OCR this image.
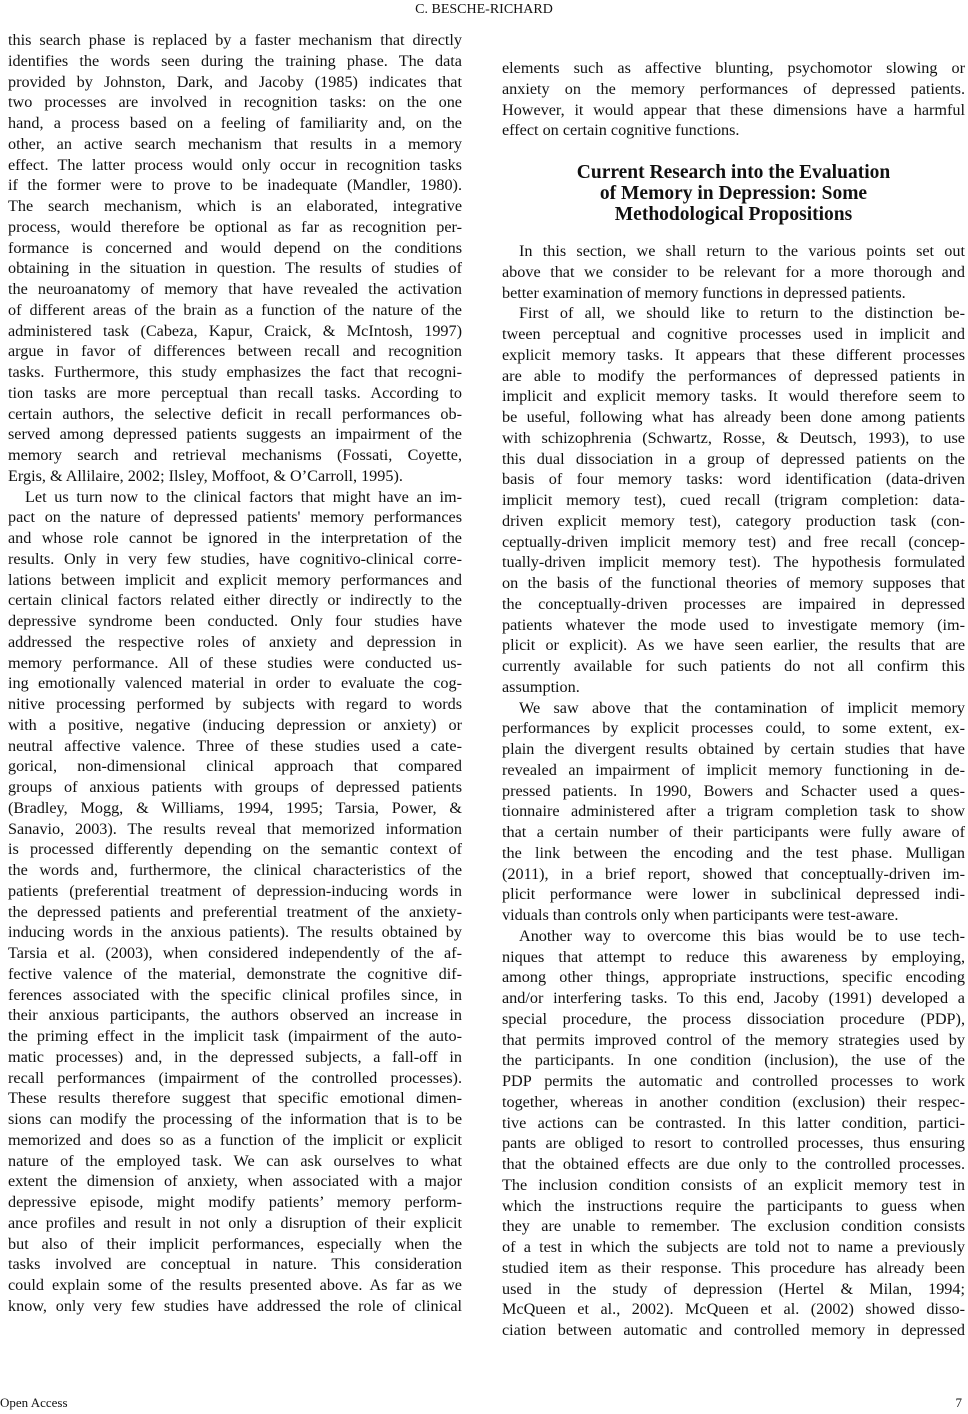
C. BESCHE-RICHARD
this search phase is replaced by a faster mechanism that directly
identifies the words seen during the training phase. The data
provided by Johnston, Dark, and Jacoby (1985) indicates that
two processes are involved in recognition tasks: on the one
hand, a process based on a feeling of familiarity and, on the
other, an active search mechanism that results in a memory
effect. The latter process would only occur in recognition tasks
if the former were to prove to be inadequate (Mandler, 1980).
The search mechanism, which is an elaborated, integrative
process, would therefore be optional as far as recognition per-
formance is concerned and would depend on the conditions
obtaining in the situation in question. The results of studies of
the neuroanatomy of memory that have revealed the activation
of different areas of the brain as a function of the nature of the
administered task (Cabeza, Kapur, Craick, & McIntosh, 1997)
argue in favor of differences between recall and recognition
tasks. Furthermore, this study emphasizes the fact that recogni-
tion tasks are more perceptual than recall tasks. According to
certain authors, the selective deficit in recall performances ob-
served among depressed patients suggests an impairment of the
memory search and retrieval mechanisms (Fossati, Coyette,
Ergis, & Allilaire, 2002; Ilsley, Moffoot, & O’Carroll, 1995).
Let us turn now to the clinical factors that might have an im-
pact on the nature of depressed patients' memory performances
and whose role cannot be ignored in the interpretation of the
results. Only in very few studies, have cognitivo-clinical corre-
lations between implicit and explicit memory performances and
certain clinical factors related either directly or indirectly to the
depressive syndrome been conducted. Only four studies have
addressed the respective roles of anxiety and depression in
memory performance. All of these studies were conducted us-
ing emotionally valenced material in order to evaluate the cog-
nitive processing performed by subjects with regard to words
with a positive, negative (inducing depression or anxiety) or
neutral affective valence. Three of these studies used a cate-
gorical, non-dimensional clinical approach that compared
groups of anxious patients with groups of depressed patients
(Bradley, Mogg, & Williams, 1994, 1995; Tarsia, Power, &
Sanavio, 2003). The results reveal that memorized information
is processed differently depending on the semantic context of
the words and, furthermore, the clinical characteristics of the
patients (preferential treatment of depression-inducing words in
the depressed patients and preferential treatment of the anxiety-
inducing words in the anxious patients). The results obtained by
Tarsia et al. (2003), when considered independently of the af-
fective valence of the material, demonstrate the cognitive dif-
ferences associated with the specific clinical profiles since, in
their anxious participants, the authors observed an increase in
the priming effect in the implicit task (impairment of the auto-
matic processes) and, in the depressed subjects, a fall-off in
recall performances (impairment of the controlled processes).
These results therefore suggest that specific emotional dimen-
sions can modify the processing of the information that is to be
memorized and does so as a function of the implicit or explicit
nature of the employed task. We can ask ourselves to what
extent the dimension of anxiety, when associated with a major
depressive episode, might modify patients’ memory perform-
ance profiles and result in not only a disruption of their explicit
but also of their implicit performances, especially when the
tasks involved are conceptual in nature. This consideration
could explain some of the results presented above. As far as we
know, only very few studies have addressed the role of clinical
elements such as affective blunting, psychomotor slowing or
anxiety on the memory performances of depressed patients.
However, it would appear that these dimensions have a harmful
effect on certain cognitive functions.
Current Research into the Evaluation
of Memory in Depression: Some
Methodological Propositions
In this section, we shall return to the various points set out
above that we consider to be relevant for a more thorough and
better examination of memory functions in depressed patients.
First of all, we should like to return to the distinction be-
tween perceptual and cognitive processes used in implicit and
explicit memory tasks. It appears that these different processes
are able to modify the performances of depressed patients in
implicit and explicit memory tasks. It would therefore seem to
be useful, following what has already been done among patients
with schizophrenia (Schwartz, Rosse, & Deutsch, 1993), to use
this dual dissociation in a group of depressed patients on the
basis of four memory tasks: word identification (data-driven
implicit memory test), cued recall (trigram completion: data-
driven explicit memory test), category production task (con-
ceptually-driven implicit memory test) and free recall (concep-
tually-driven implicit memory test). The hypothesis formulated
on the basis of the functional theories of memory supposes that
the conceptually-driven processes are impaired in depressed
patients whatever the mode used to investigate memory (im-
plicit or explicit). As we have seen earlier, the results that are
currently available for such patients do not all confirm this
assumption.
We saw above that the contamination of implicit memory
performances by explicit processes could, to some extent, ex-
plain the divergent results obtained by certain studies that have
revealed an impairment of implicit memory functioning in de-
pressed patients. In 1990, Bowers and Schacter used a ques-
tionnaire administered after a trigram completion task to show
that a certain number of their participants were fully aware of
the link between the encoding and the test phase. Mulligan
(2011), in a brief report, showed that conceptually-driven im-
plicit performance were lower in subclinical depressed indi-
viduals than controls only when participants were test-aware.
Another way to overcome this bias would be to use tech-
niques that attempt to reduce this awareness by employing,
among other things, appropriate instructions, specific encoding
and/or interfering tasks. To this end, Jacoby (1991) developed a
special procedure, the process dissociation procedure (PDP),
that permits improved control of the memory strategies used by
the participants. In one condition (inclusion), the use of the
PDP permits the automatic and controlled processes to work
together, whereas in another condition (exclusion) their respec-
tive actions can be contrasted. In this latter condition, partici-
pants are obliged to resort to controlled processes, thus ensuring
that the obtained effects are due only to the controlled processes.
The inclusion condition consists of an explicit memory test in
which the instructions require the participants to guess when
they are unable to remember. The exclusion condition consists
of a test in which the subjects are told not to name a previously
studied item as their response. This procedure has already been
used in the study of depression (Hertel & Milan, 1994;
McQueen et al., 2002). McQueen et al. (2002) showed disso-
ciation between automatic and controlled memory in depressed
Open Access	7
